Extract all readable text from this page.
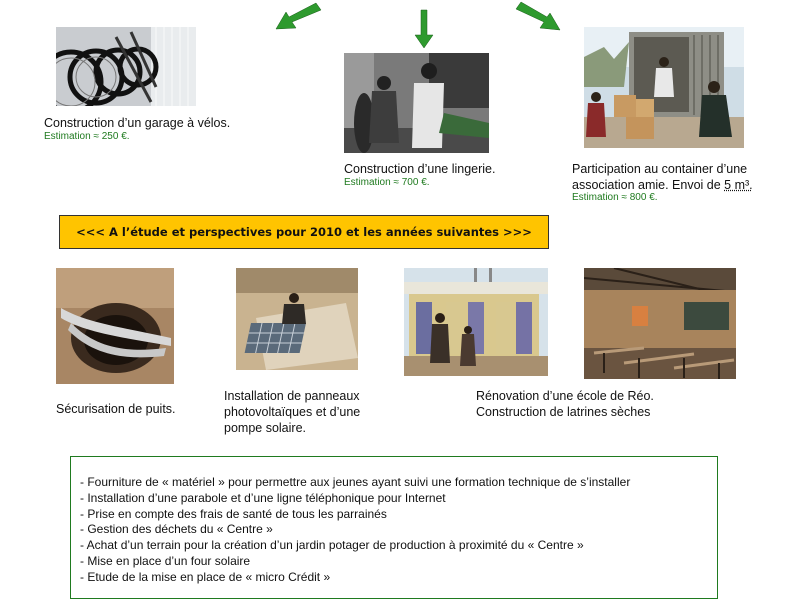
Construction d’un garage à vélos.
Estimation ≈ 250 €.
Construction d’une lingerie.
Estimation ≈ 700 €.
Participation au container d’une
association amie. Envoi de 5 m³.
Estimation ≈ 800 €.
<<< A l’étude et perspectives pour 2010 et les années suivantes >>>
Sécurisation de puits.
Installation de panneaux
photovoltaïques et d’une
pompe solaire.
Rénovation d’une école de Réo.
Construction de latrines sèches
- Fourniture de « matériel » pour permettre aux jeunes ayant suivi une formation technique de s’installer
- Installation d’une parabole et d’une ligne téléphonique pour Internet
- Prise en compte des frais de santé de tous les parrainés
- Gestion des déchets du « Centre »
- Achat d’un terrain pour la création d’un jardin potager de production à proximité du « Centre »
- Mise en place d’un four solaire
- Etude de la mise en place de « micro Crédit »
